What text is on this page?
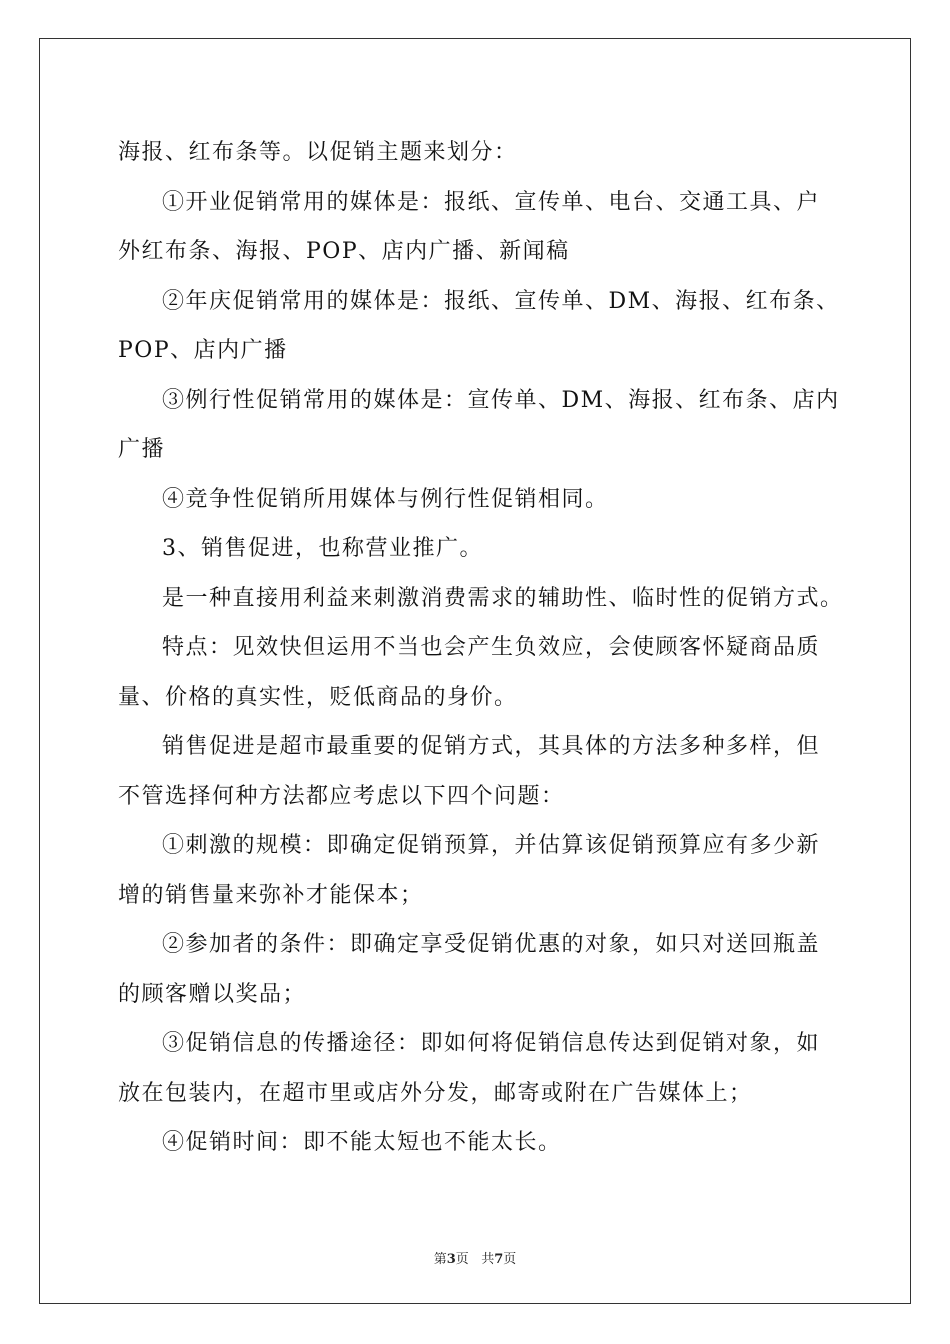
海报、红布条等。以促销主题来划分：

①开业促销常用的媒体是：报纸、宣传单、电台、交通工具、户

外红布条、海报、POP、店内广播、新闻稿

②年庆促销常用的媒体是：报纸、宣传单、DM、海报、红布条、

POP、店内广播

③例行性促销常用的媒体是：宣传单、DM、海报、红布条、店内

广播

④竞争性促销所用媒体与例行性促销相同。

3、销售促进，也称营业推广。

是一种直接用利益来刺激消费需求的辅助性、临时性的促销方式。

特点：见效快但运用不当也会产生负效应，会使顾客怀疑商品质

量、价格的真实性，贬低商品的身价。

销售促进是超市最重要的促销方式，其具体的方法多种多样，但

不管选择何种方法都应考虑以下四个问题：

①刺激的规模：即确定促销预算，并估算该促销预算应有多少新

增的销售量来弥补才能保本；

②参加者的条件：即确定享受促销优惠的对象，如只对送回瓶盖

的顾客赠以奖品；

③促销信息的传播途径：即如何将促销信息传达到促销对象，如

放在包装内，在超市里或店外分发，邮寄或附在广告媒体上；

④促销时间：即不能太短也不能太长。

第3页 共7页
